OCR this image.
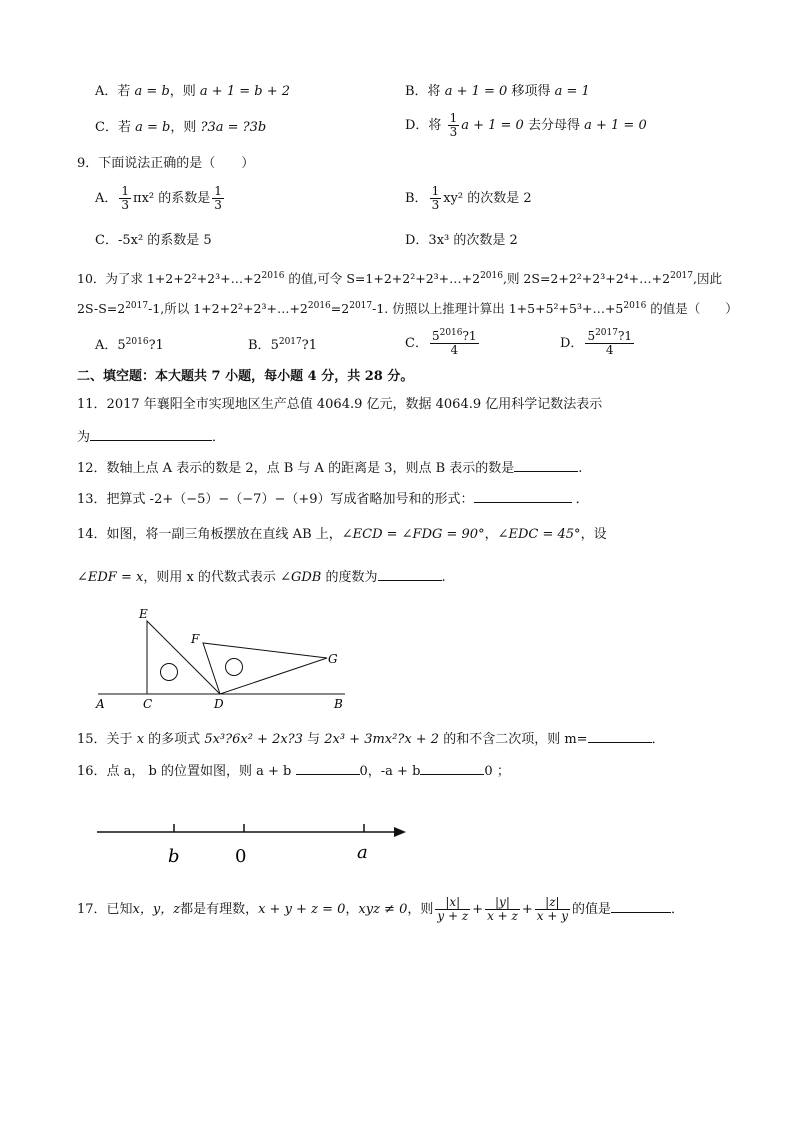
A．若 a = b，则 a + 1 = b + 2	B．将 a + 1 = 0 移项得 a = 1
C．若 a = b，则 ?3a = ?3b	D．将 $\frac{1}{3}$ a + 1 = 0 去分母得 a + 1 = 0
9．下面说法正确的是（　　）
A． $\frac{1}{3} \pi x^2$ 的系数是 $\frac{1}{3}$	B． $\frac{1}{3} xy^2$ 的次数是 2
C．-5x² 的系数是 5	D．3x³ 的次数是 2
10．为了求 $1+2+2^2+2^3+\dots+2^{2016}$ 的值,可令 $S=1+2+2^2+2^3+\dots+2^{2016}$,则 $2S=2+2^2+2^3+2^4+\dots+2^{2017}$,因此
$2S-S=2^{2017}-1$,所以 $1+2+2^2+2^3+\dots+2^{2016}=2^{2017}-1$. 仿照以上推理计算出 $1+5+5^2+5^3+\dots+5^{2016}$ 的值是（　　）
A．$5^{2016}?1$	B．$5^{2017}?1$	C． $\frac{5^{2016}?1}{4}$	D． $\frac{5^{2017}?1}{4}$
二、填空题：本大题共 7 小题，每小题 4 分，共 28 分。
11．2017 年襄阳全市实现地区生产总值 4064.9 亿元，数据 4064.9 亿用科学记数法表示
为	．
12．数轴上点 A 表示的数是 2，点 B 与 A 的距离是 3，则点 B 表示的数是	.
13．把算式 -2+（−5）−（−7）−（+9）写成省略加号和的形式：	．
14．如图，将一副三角板摆放在直线 AB 上，∠ECD = ∠FDG = 90°，∠EDC = 45°，设
∠EDF = x，则用 x 的代数式表示 ∠GDB 的度数为	.
E
F
G
A	C	D	B
15．关于 x 的多项式 5x³?6x² + 2x?3 与 2x³ + 3mx²?x + 2 的和不含二次项，则 m=	．
16．点 a， b 的位置如图，则 a + b	0，-a + b	0 ；
b	0	a
17．已知x，y，z都是有理数，x + y + z = 0，xyz ≠ 0，则 $\frac{|x|}{y + z} + \frac{|y|}{x + z} + \frac{|z|}{x + y}$ 的值是	．
